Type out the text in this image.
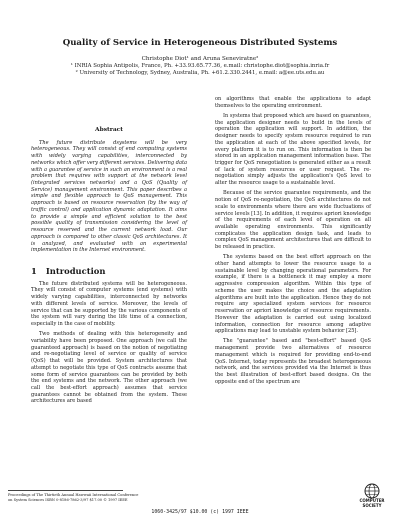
Quality of Service in Heterogeneous Distributed Systems
Christophe Diot¹ and Aruna Seneviratne²
¹ INRIA Sophia Antipolis, France, Ph. +33.93.65.77.36, e.mail: christophe.diot@sophia.inria.fr
² University of Technology, Sydney, Australia, Ph. +61.2.330.2441, e.mail: a@ee.uts.edu.au
Abstract

The future distribute dsystems will be very heterogeneous. They will consist of end computing systems with widely varying capabilities, interconnected by networks which offer very different services. Delivering data with a guarantee of service in such an environment is a real problem that requires with support at the network level (integrated services networks) and a QoS (Quality of Service) management environment. This paper describes a simple and flexible approach to QoS management. This approach is based on resource reservation (by the way of traffic control) and application dynamic adaptation. It aims to provide a simple and efficient solution to the best possible quality of transmission considering the level of resource reserved and the current network load. Our approach is compared to other classic QoS architectures. It is analyzed, and evaluated with an experimental implementation in the Internet environment.

1 Introduction

The future distributed systems will be heterogeneous. They will consist of computer systems (end systems) with widely varying capabilities, interconnected by networks with different levels of service. Moreover, the levels of service that can be supported by the various components of the system will vary during the life time of a connection, especially in the case of mobility.

Two methods of dealing with this heterogeneity and variability have been proposed. One approach (we call the guaranteed approach) is based on the notion of negotiating and re-negotiating level of service or quality of service (QoS) that will be provided. System architectures that attempt to negotiate this type of QoS contracts assume that some form of service guarantees can be provided by both the end systems and the network. The other approach (we call the best-effort approach) assumes that service guarantees cannot be obtained from the system. These architectures are based

on algorithms that enable the applications to adapt themselves to the operating environment.

In systems that proposed which are based on guarantees, the application designer needs to build in the levels of operation the application will support. In addition, the designer needs to specify system resource required to run the application at each of the above specified levels, for every platform it is to run on. This information is then be stored in an application management information base. The trigger for QoS renegotiation is generated either as a result of lack of system resources or user request. The re-negotiation simply adjusts the application's QoS level to alter the resource usage to a sustainable level.

Because of the service guarantee requirements, and the notion of QoS re-negotiation, the QoS architectures do not scale to environments where there are wide fluctuations of service levels [13]. In addition, it requires apriori knowledge of the requirements of each level of operation on all available operating environments. This significantly complicates the application design task, and leads to complex QoS management architectures that are difficult to be released in practice.

The systems based on the best effort approach on the other hand attempts to lower the resource usage to a sustainable level by changing operational parameters. For example, if there is a bottleneck it may employ a more aggressive compression algorithm. Within this type of scheme the user makes the choice and the adaptation algorithms are built into the application. Hence they do not require any specialized system services for resource reservation or apriori knowledge of resource requirements. However the adaptation is carried out using localized information, connection for resource among adaptive applications may lead to unstable system behavior [25].

The "guarantee" based and "best-effort" based QoS management provide two alternatives of resource management which is required for providing end-to-end QoS. Internet, today represents the broadest heterogeneous network, and the services provided via the Internet is thus the best illustration of best-effort based designs. On the opposite end of the spectrum are

Proceedings of The Thirtieth Annual Hawwaii International Conference
on System Sciences ISBN 0-8186-7862-3/97 $17.00 © 1997 IEEE
1060-3425/97 $10.00 (c) 1997 IEEE
COMPUTER
SOCIETY
